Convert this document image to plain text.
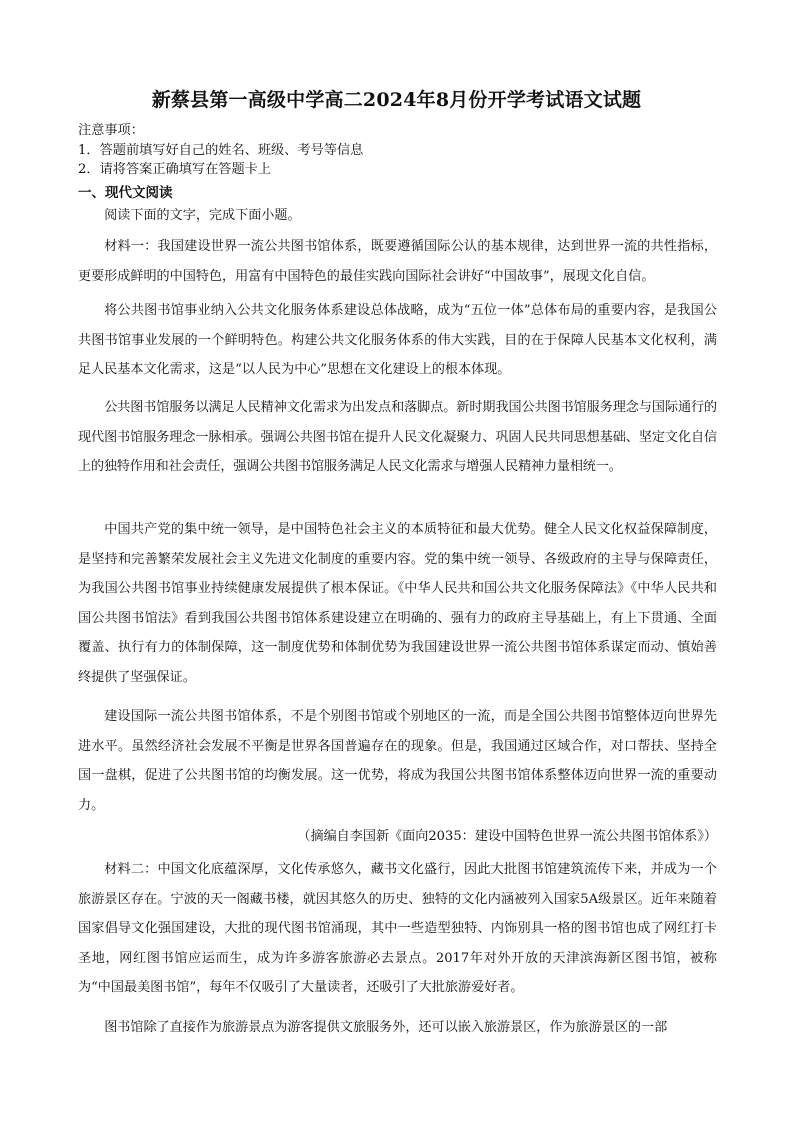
新蔡县第一高级中学高二2024年8月份开学考试语文试题
注意事项：
1．答题前填写好自己的姓名、班级、考号等信息
2．请将答案正确填写在答题卡上
一、现代文阅读

阅读下面的文字，完成下面小题。

材料一：我国建设世界一流公共图书馆体系，既要遵循国际公认的基本规律，达到世界一流的共性指标，更要形成鲜明的中国特色，用富有中国特色的最佳实践向国际社会讲好“中国故事”，展现文化自信。

将公共图书馆事业纳入公共文化服务体系建设总体战略，成为“五位一体”总体布局的重要内容，是我国公共图书馆事业发展的一个鲜明特色。构建公共文化服务体系的伟大实践，目的在于保障人民基本文化权利，满足人民基本文化需求，这是“以人民为中心”思想在文化建设上的根本体现。

公共图书馆服务以满足人民精神文化需求为出发点和落脚点。新时期我国公共图书馆服务理念与国际通行的现代图书馆服务理念一脉相承。强调公共图书馆在提升人民文化凝聚力、巩固人民共同思想基础、坚定文化自信上的独特作用和社会责任，强调公共图书馆服务满足人民文化需求与增强人民精神力量相统一。

中国共产党的集中统一领导，是中国特色社会主义的本质特征和最大优势。健全人民文化权益保障制度，是坚持和完善繁荣发展社会主义先进文化制度的重要内容。党的集中统一领导、各级政府的主导与保障责任，为我国公共图书馆事业持续健康发展提供了根本保证。《中华人民共和国公共文化服务保障法》《中华人民共和国公共图书馆法》看到我国公共图书馆体系建设建立在明确的、强有力的政府主导基础上，有上下贯通、全面覆盖、执行有力的体制保障，这一制度优势和体制优势为我国建设世界一流公共图书馆体系谋定而动、慎始善终提供了坚强保证。

建设国际一流公共图书馆体系，不是个别图书馆或个别地区的一流，而是全国公共图书馆整体迈向世界先进水平。虽然经济社会发展不平衡是世界各国普遍存在的现象。但是，我国通过区域合作，对口帮扶、坚持全国一盘棋，促进了公共图书馆的均衡发展。这一优势，将成为我国公共图书馆体系整体迈向世界一流的重要动力。

（摘编自李国新《面向2035：建设中国特色世界一流公共图书馆体系》）

材料二：中国文化底蕴深厚，文化传承悠久，藏书文化盛行，因此大批图书馆建筑流传下来，并成为一个旅游景区存在。宁波的天一阁藏书楼，就因其悠久的历史、独特的文化内涵被列入国家5A级景区。近年来随着国家倡导文化强国建设，大批的现代图书馆涌现，其中一些造型独特、内饰别具一格的图书馆也成了网红打卡圣地，网红图书馆应运而生，成为许多游客旅游必去景点。2017年对外开放的天津滨海新区图书馆，被称为“中国最美图书馆”，每年不仅吸引了大量读者，还吸引了大批旅游爱好者。

图书馆除了直接作为旅游景点为游客提供文旅服务外，还可以嵌入旅游景区，作为旅游景区的一部
